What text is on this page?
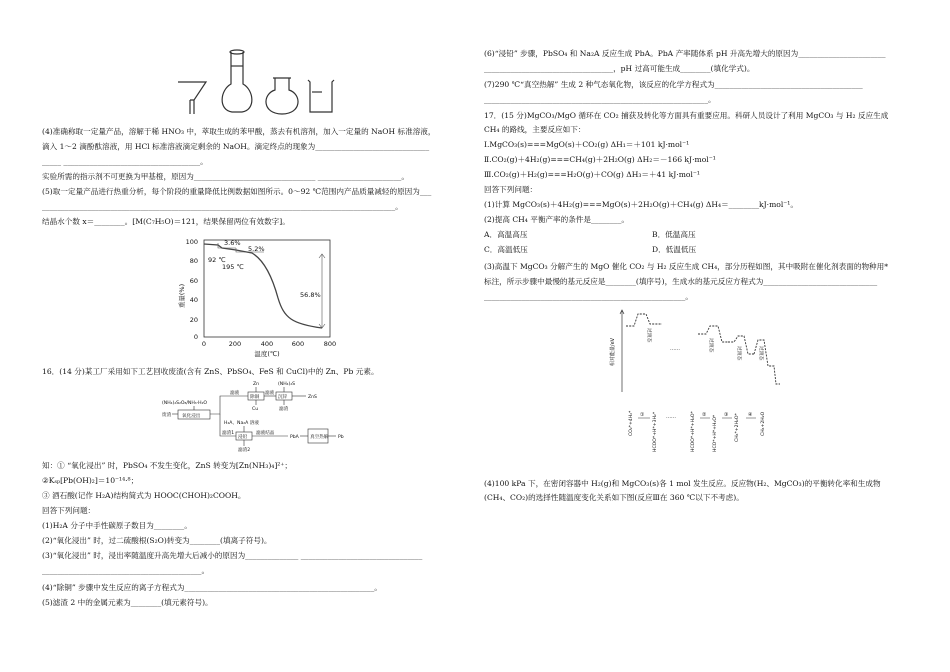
(4)准确称取一定量产品，溶解于稀 HNO₃ 中，萃取生成的苯甲酸，蒸去有机溶剂，加入一定量的 NaOH 标准溶液，
滴入 1～2 滴酚酞溶液，用 HCl 标准溶液滴定剩余的 NaOH。滴定终点的现象为______________________________
_____ ____________________________________。
实验所需的指示剂不可更换为甲基橙，原因为________________________________ ______________________。
(5)取一定量产品进行热重分析，每个阶段的重量降低比例数据如图所示。0～92 ℃范围内产品质量减轻的原因为___
_____________________________________________________________________________________________。
结晶水个数 x＝________。[M(C₇H₅O)＝121，结果保留两位有效数字]。
100
80
60
40
20
0
0	200	400	600	800
重量(%)
温度(℃)
3.6%
5.2%
56.8%
92 ℃
195 ℃
16．(14 分)某工厂采用如下工艺回收废渣(含有 ZnS、PbSO₄、FeS 和 CuCl)中的 Zn、Pb 元素。
(NH₄)₂S₂O₈/NH₃·H₂O
Zn	(NH₄)₂S
废渣 氧化浸出
滤液
除铜
滤液
沉锌	ZnS
Cu	滤渣
H₂A、Na₂A 溶液
滤渣1
浸铅
滤液结晶
PbA 真空热解 Pb
滤渣2
知：① “氧化浸出” 时，PbSO₄ 不发生变化，ZnS 转变为[Zn(NH₃)₄]²⁺；
②Kₛₚ[Pb(OH)₂]＝10⁻¹⁴·⁸；
③ 酒石酸(记作 H₂A)结构简式为 HOOC(CHOH)₂COOH。
回答下列问题：
(1)H₂A 分子中手性碳原子数目为________。
(2)“氧化浸出” 时，过二硫酸根(S₂O)转变为________(填离子符号)。
(3)“氧化浸出” 时，浸出率随温度升高先增大后减小的原因为______________ ________________________________
__________________________________________。
(4)“除铜” 步骤中发生反应的离子方程式为__________________________________________________。
(5)滤渣 2 中的金属元素为________(填元素符号)。
(6)“浸铅” 步骤，PbSO₄ 和 Na₂A 反应生成 PbA。PbA 产率随体系 pH 升高先增大的原因为_______________________
__________________________________，pH 过高可能生成________(填化学式)。
(7)290 ℃“真空热解” 生成 2 种气态氧化物，该反应的化学方程式为_______________________________________
___________________________________________________________。
17．(15 分)MgCO₃/MgO 循环在 CO₂ 捕获及转化等方面具有重要应用。科研人员设计了利用 MgCO₃ 与 H₂ 反应生成
CH₄ 的路线，主要反应如下：
Ⅰ.MgCO₃(s)===MgO(s)＋CO₂(g) ΔH₁＝＋101 kJ·mol⁻¹
Ⅱ.CO₂(g)＋4H₂(g)===CH₄(g)＋2H₂O(g) ΔH₂＝－166 kJ·mol⁻¹
Ⅲ.CO₂(g)＋H₂(g)===H₂O(g)＋CO(g) ΔH₃＝＋41 kJ·mol⁻¹
回答下列问题：
(1)计算 MgCO₃(s)＋4H₂(g)===MgO(s)＋2H₂O(g)＋CH₄(g) ΔH₄＝________kJ·mol⁻¹。
(2)提高 CH₄ 平衡产率的条件是________。
A．高温高压	B．低温高压
C．高温低压	D．低温低压
(3)高温下 MgCO₃ 分解产生的 MgO 催化 CO₂ 与 H₂ 反应生成 CH₄，部分历程如图，其中吸附在催化剂表面的物种用*
标注，所示步骤中最慢的基元反应是________(填序号)，生成水的基元反应方程式为______________________________
_____________________________________________________。
相对能量/eV
过渡态
过渡态
过渡态	过渡态
……
CO₂*+4H₂* ① HCOO*+H*+3H₂* ……	HCOO*+H*+H₂O* ② HCO*+H*+H₂O* ③ CH₄*+2H₂O* ④ CH₄+2H₂O
(4)100 kPa 下，在密闭容器中 H₂(g)和 MgCO₃(s)各 1 mol 发生反应。反应物(H₂、MgCO₃)的平衡转化率和生成物
(CH₄、CO₂)的选择性随温度变化关系如下图(反应Ⅲ在 360 ℃以下不考虑)。
